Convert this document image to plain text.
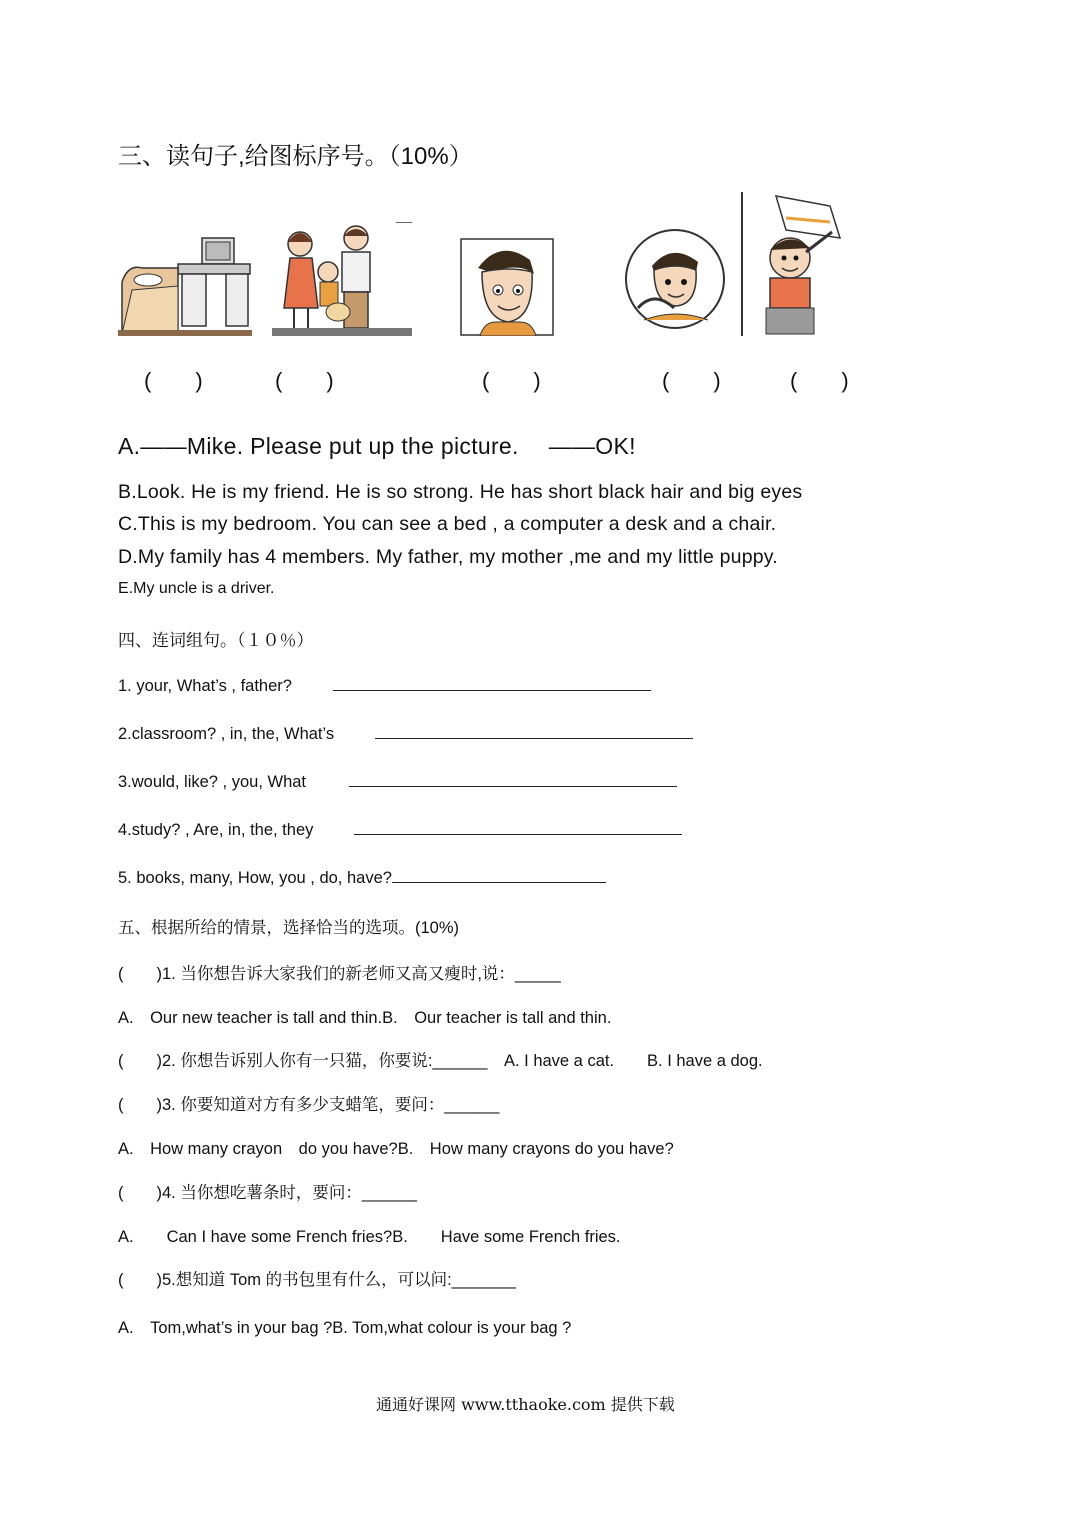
三、读句子,给图标序号。（10%）
(　　)	(　　)	(　　)	(　　)	(　　)
A.——Mike. Please put up the picture.　 ——OK!
B.Look. He is my friend. He is so strong. He has short black hair and big eyes
C.This is my bedroom. You can see a bed , a computer a desk and a chair.
D.My family has 4 members. My father, my mother ,me and my little puppy.
E.My uncle is a driver.
四、连词组句。（１０％）
1. your, What’s , father?
2.classroom? , in, the, What’s
3.would, like? , you, What
4.study? , Are, in, the, they
5. books, many, How, you , do, have?
五、根据所给的情景，选择恰当的选项。(10%)
(　　)1. 当你想告诉大家我们的新老师又高又瘦时,说：_____
A.　Our new teacher is tall and thin.B.　Our teacher is tall and thin.
(　　)2. 你想告诉别人你有一只猫，你要说:______　A. I have a cat.　　B. I have a dog.
(　　)3. 你要知道对方有多少支蜡笔，要问：______
A.　How many crayon　do you have?B.　How many crayons do you have?
(　　)4. 当你想吃薯条时，要问：______
A.　　Can I have some French fries?B.　　Have some French fries.
(　　)5.想知道 Tom 的书包里有什么，可以问:_______
A.　Tom,what’s in your bag ?B. Tom,what colour is your bag ?
通通好课网 www.tthaoke.com 提供下载
